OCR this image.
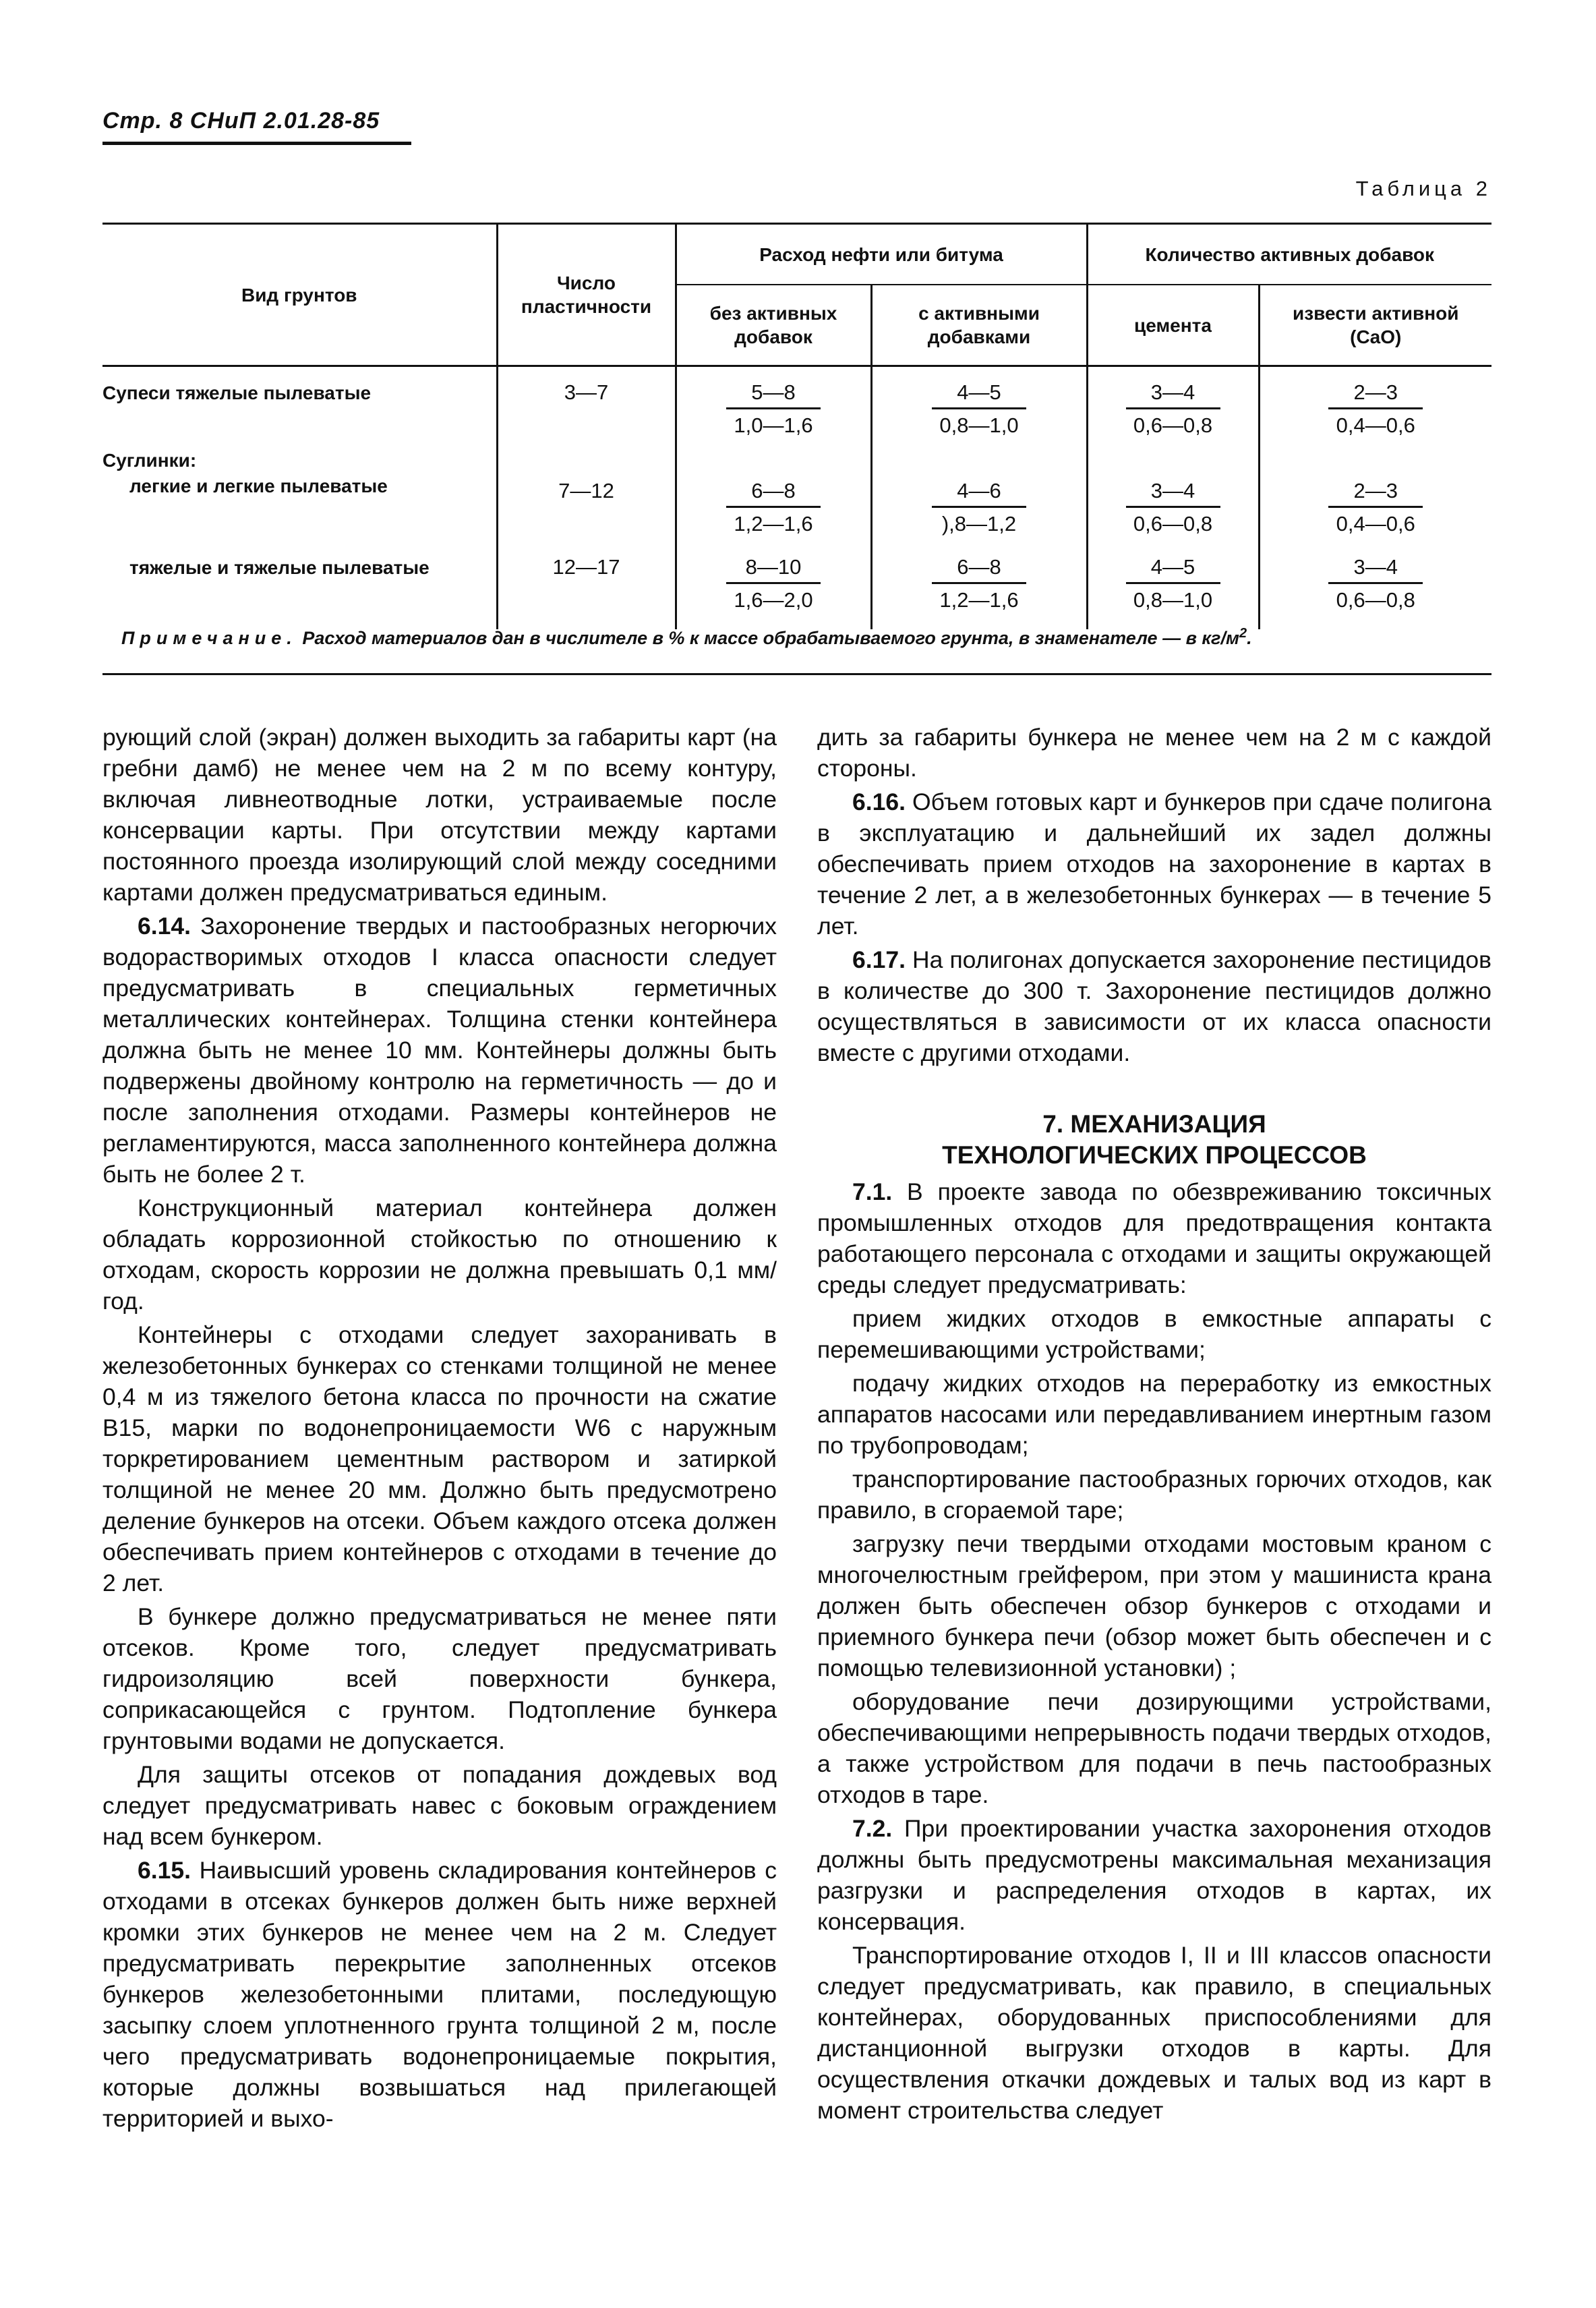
Стр. 8 СНиП 2.01.28-85
Таблица 2
Вид грунтов	Число пластичности	Расход нефти или битума		Количество активных добавок	
		без активных добавок	с активными добавками	цемента	извести активной (CaO)

Супеси тяжелые пылеватые	3—7	$\frac{5—8}{1,0—1,6}$	$\frac{4—5}{0,8—1,0}$	$\frac{3—4}{0,6—0,8}$	$\frac{2—3}{0,4—0,6}$

Суглинки:
легкие и легкие пылеватые	7—12	$\frac{6—8}{1,2—1,6}$	$\frac{4—6}{),8—1,2}$	$\frac{3—4}{0,6—0,8}$	$\frac{2—3}{0,4—0,6}$

тяжелые и тяжелые пылеватые	12—17	$\frac{8—10}{1,6—2,0}$	$\frac{6—8}{1,2—1,6}$	$\frac{4—5}{0,8—1,0}$	$\frac{3—4}{0,6—0,8}$
Примечание. Расход материалов дан в числителе в % к массе обрабатываемого грунта, в знаменателе — в $кг/м^2$.

рующий слой (экран) должен выходить за габариты карт (на гребни дамб) не менее чем на 2 м по всему контуру, включая ливнеотводные лотки, устраиваемые после консервации карты. При отсутствии между картами постоянного проезда изолирующий слой между соседними картами должен предусматриваться единым.

6.14. Захоронение твердых и пастообразных негорючих водорастворимых отходов I класса опасности следует предусматривать в специальных герметичных металлических контейнерах. Толщина стенки контейнера должна быть не менее 10 мм. Контейнеры должны быть подвержены двойному контролю на герметичность — до и после заполнения отходами. Размеры контейнеров не регламентируются, масса заполненного контейнера должна быть не более 2 т.

Конструкционный материал контейнера должен обладать коррозионной стойкостью по отношению к отходам, скорость коррозии не должна превышать 0,1 мм/год.

Контейнеры с отходами следует захоранивать в железобетонных бункерах со стенками толщиной не менее 0,4 м из тяжелого бетона класса по прочности на сжатие B15, марки по водонепроницаемости W6 с наружным торкретированием цементным раствором и затиркой толщиной не менее 20 мм. Должно быть предусмотрено деление бункеров на отсеки. Объем каждого отсека должен обеспечивать прием контейнеров с отходами в течение до 2 лет.

В бункере должно предусматриваться не менее пяти отсеков. Кроме того, следует предусматривать гидроизоляцию всей поверхности бункера, соприкасающейся с грунтом. Подтопление бункера грунтовыми водами не допускается.

Для защиты отсеков от попадания дождевых вод следует предусматривать навес с боковым ограждением над всем бункером.

6.15. Наивысший уровень складирования контейнеров с отходами в отсеках бункеров должен быть ниже верхней кромки этих бункеров не менее чем на 2 м. Следует предусматривать перекрытие заполненных отсеков бункеров железобетонными плитами, последующую засыпку слоем уплотненного грунта толщиной 2 м, после чего предусматривать водонепроницаемые покрытия, которые должны возвышаться над прилегающей территорией и выхо-

дить за габариты бункера не менее чем на 2 м с каждой стороны.

6.16. Объем готовых карт и бункеров при сдаче полигона в эксплуатацию и дальнейший их задел должны обеспечивать прием отходов на захоронение в картах в течение 2 лет, а в железобетонных бункерах — в течение 5 лет.

6.17. На полигонах допускается захоронение пестицидов в количестве до 300 т. Захоронение пестицидов должно осуществляться в зависимости от их класса опасности вместе с другими отходами.

7. МЕХАНИЗАЦИЯ
ТЕХНОЛОГИЧЕСКИХ ПРОЦЕССОВ

7.1. В проекте завода по обезвреживанию токсичных промышленных отходов для предотвращения контакта работающего персонала с отходами и защиты окружающей среды следует предусматривать:

прием жидких отходов в емкостные аппараты с перемешивающими устройствами;

подачу жидких отходов на переработку из емкостных аппаратов насосами или передавливанием инертным газом по трубопроводам;

транспортирование пастообразных горючих отходов, как правило, в сгораемой таре;

загрузку печи твердыми отходами мостовым краном с многочелюстным грейфером, при этом у машиниста крана должен быть обеспечен обзор бункеров с отходами и приемного бункера печи (обзор может быть обеспечен и с помощью телевизионной установки) ;

оборудование печи дозирующими устройствами, обеспечивающими непрерывность подачи твердых отходов, а также устройством для подачи в печь пастообразных отходов в таре.

7.2. При проектировании участка захоронения отходов должны быть предусмотрены максимальная механизация разгрузки и распределения отходов в картах, их консервация.

Транспортирование отходов I, II и III классов опасности следует предусматривать, как правило, в специальных контейнерах, оборудованных приспособлениями для дистанционной выгрузки отходов в карты. Для осуществления откачки дождевых и талых вод из карт в момент строительства следует
